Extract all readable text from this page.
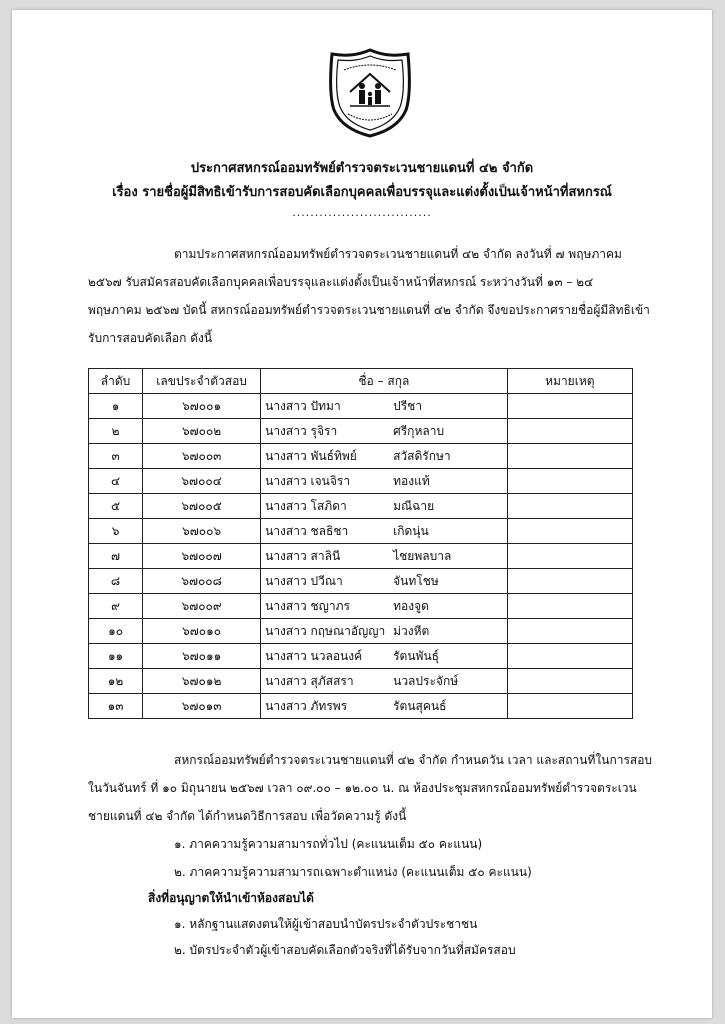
ประกาศสหกรณ์ออมทรัพย์ตำรวจตระเวนชายแดนที่ ๔๒ จำกัด
เรื่อง รายชื่อผู้มีสิทธิเข้ารับการสอบคัดเลือกบุคคลเพื่อบรรจุและแต่งตั้งเป็นเจ้าหน้าที่สหกรณ์
...............................
ตามประกาศสหกรณ์ออมทรัพย์ตำรวจตระเวนชายแดนที่ ๔๒ จำกัด ลงวันที่ ๗ พฤษภาคม
๒๕๖๗ รับสมัครสอบคัดเลือกบุคคลเพื่อบรรจุและแต่งตั้งเป็นเจ้าหน้าที่สหกรณ์ ระหว่างวันที่ ๑๓ – ๒๔
พฤษภาคม ๒๕๖๗ บัดนี้ สหกรณ์ออมทรัพย์ตำรวจตระเวนชายแดนที่ ๔๒ จำกัด จึงขอประกาศรายชื่อผู้มีสิทธิเข้า
รับการสอบคัดเลือก ดังนี้
ลำดับ	เลขประจำตัวสอบ	ชื่อ – สกุล	หมายเหตุ
๑	๖๗๐๐๑	นางสาว ปัทมา ปรีชา	
๒	๖๗๐๐๒	นางสาว รุจิรา ศรีกุหลาบ	
๓	๖๗๐๐๓	นางสาว พันธ์ทิพย์ สวัสดิรักษา	
๔	๖๗๐๐๔	นางสาว เจนจิรา ทองแท้	
๕	๖๗๐๐๕	นางสาว โสภิดา มณีฉาย	
๖	๖๗๐๐๖	นางสาว ชลธิชา เกิดนุ่น	
๗	๖๗๐๐๗	นางสาว สาลินี ไชยพลบาล	
๘	๖๗๐๐๘	นางสาว ปวีณา จันทโชษ	
๙	๖๗๐๐๙	นางสาว ชญาภร ทองจูด	
๑๐	๖๗๐๑๐	นางสาว กฤษณาอัญญา ม่วงหีต	
๑๑	๖๗๐๑๑	นางสาว นวลอนงค์ รัตนพันธุ์	
๑๒	๖๗๐๑๒	นางสาว สุภัสสรา นวลประจักษ์	
๑๓	๖๗๐๑๓	นางสาว ภัทรพร รัตนสุคนธ์	
สหกรณ์ออมทรัพย์ตำรวจตระเวนชายแดนที่ ๔๒ จำกัด กำหนดวัน เวลา และสถานที่ในการสอบ
ในวันจันทร์ ที่ ๑๐ มิถุนายน ๒๕๖๗ เวลา ๐๙.๐๐ – ๑๒.๐๐ น. ณ ห้องประชุมสหกรณ์ออมทรัพย์ตำรวจตระเวน
ชายแดนที่ ๔๒ จำกัด ได้กำหนดวิธีการสอบ เพื่อวัดความรู้ ดังนี้
๑. ภาคความรู้ความสามารถทั่วไป (คะแนนเต็ม ๕๐ คะแนน)
๒. ภาคความรู้ความสามารถเฉพาะตำแหน่ง (คะแนนเต็ม ๕๐ คะแนน)
สิ่งที่อนุญาตให้นำเข้าห้องสอบได้
๑. หลักฐานแสดงตนให้ผู้เข้าสอบนำบัตรประจำตัวประชาชน
๒. บัตรประจำตัวผู้เข้าสอบคัดเลือกตัวจริงที่ได้รับจากวันที่สมัครสอบ
